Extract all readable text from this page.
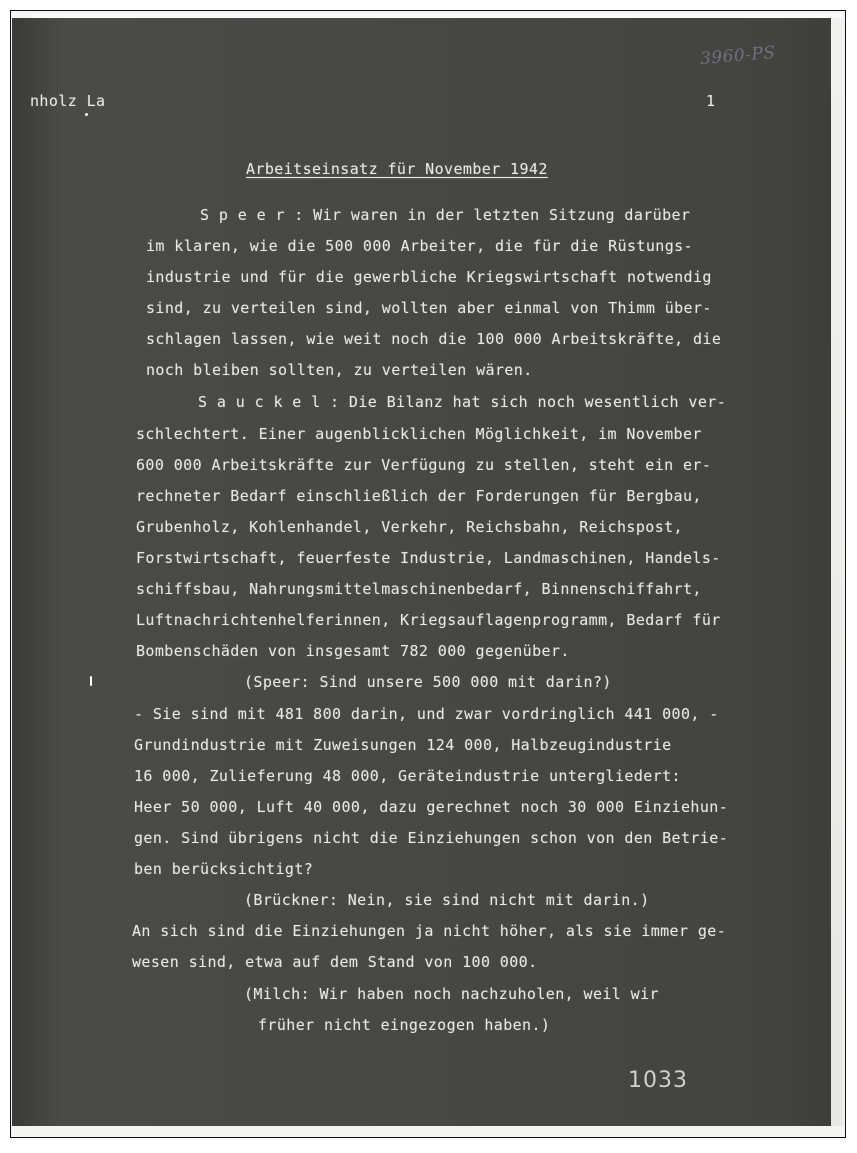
nholz La	1
3960-PS
Arbeitseinsatz für November 1942
S p e e r : Wir waren in der letzten Sitzung darüber
im klaren, wie die 500 000 Arbeiter, die für die Rüstungs-
industrie und für die gewerbliche Kriegswirtschaft notwendig
sind, zu verteilen sind, wollten aber einmal von Thimm über-
schlagen lassen, wie weit noch die 100 000 Arbeitskräfte, die
noch bleiben sollten, zu verteilen wären.
S a u c k e l : Die Bilanz hat sich noch wesentlich ver-
schlechtert. Einer augenblicklichen Möglichkeit, im November
600 000 Arbeitskräfte zur Verfügung zu stellen, steht ein er-
rechneter Bedarf einschließlich der Forderungen für Bergbau,
Grubenholz, Kohlenhandel, Verkehr, Reichsbahn, Reichspost,
Forstwirtschaft, feuerfeste Industrie, Landmaschinen, Handels-
schiffsbau, Nahrungsmittelmaschinenbedarf, Binnenschiffahrt,
Luftnachrichtenhelferinnen, Kriegsauflagenprogramm, Bedarf für
Bombenschäden von insgesamt 782 000 gegenüber.
(Speer: Sind unsere 500 000 mit darin?)
- Sie sind mit 481 800 darin, und zwar vordringlich 441 000, -
Grundindustrie mit Zuweisungen 124 000, Halbzeugindustrie
16 000, Zulieferung 48 000, Geräteindustrie untergliedert:
Heer 50 000, Luft 40 000, dazu gerechnet noch 30 000 Einziehun-
gen. Sind übrigens nicht die Einziehungen schon von den Betrie-
ben berücksichtigt?
(Brückner: Nein, sie sind nicht mit darin.)
An sich sind die Einziehungen ja nicht höher, als sie immer ge-
wesen sind, etwa auf dem Stand von 100 000.
(Milch: Wir haben noch nachzuholen, weil wir
früher nicht eingezogen haben.)
1033
